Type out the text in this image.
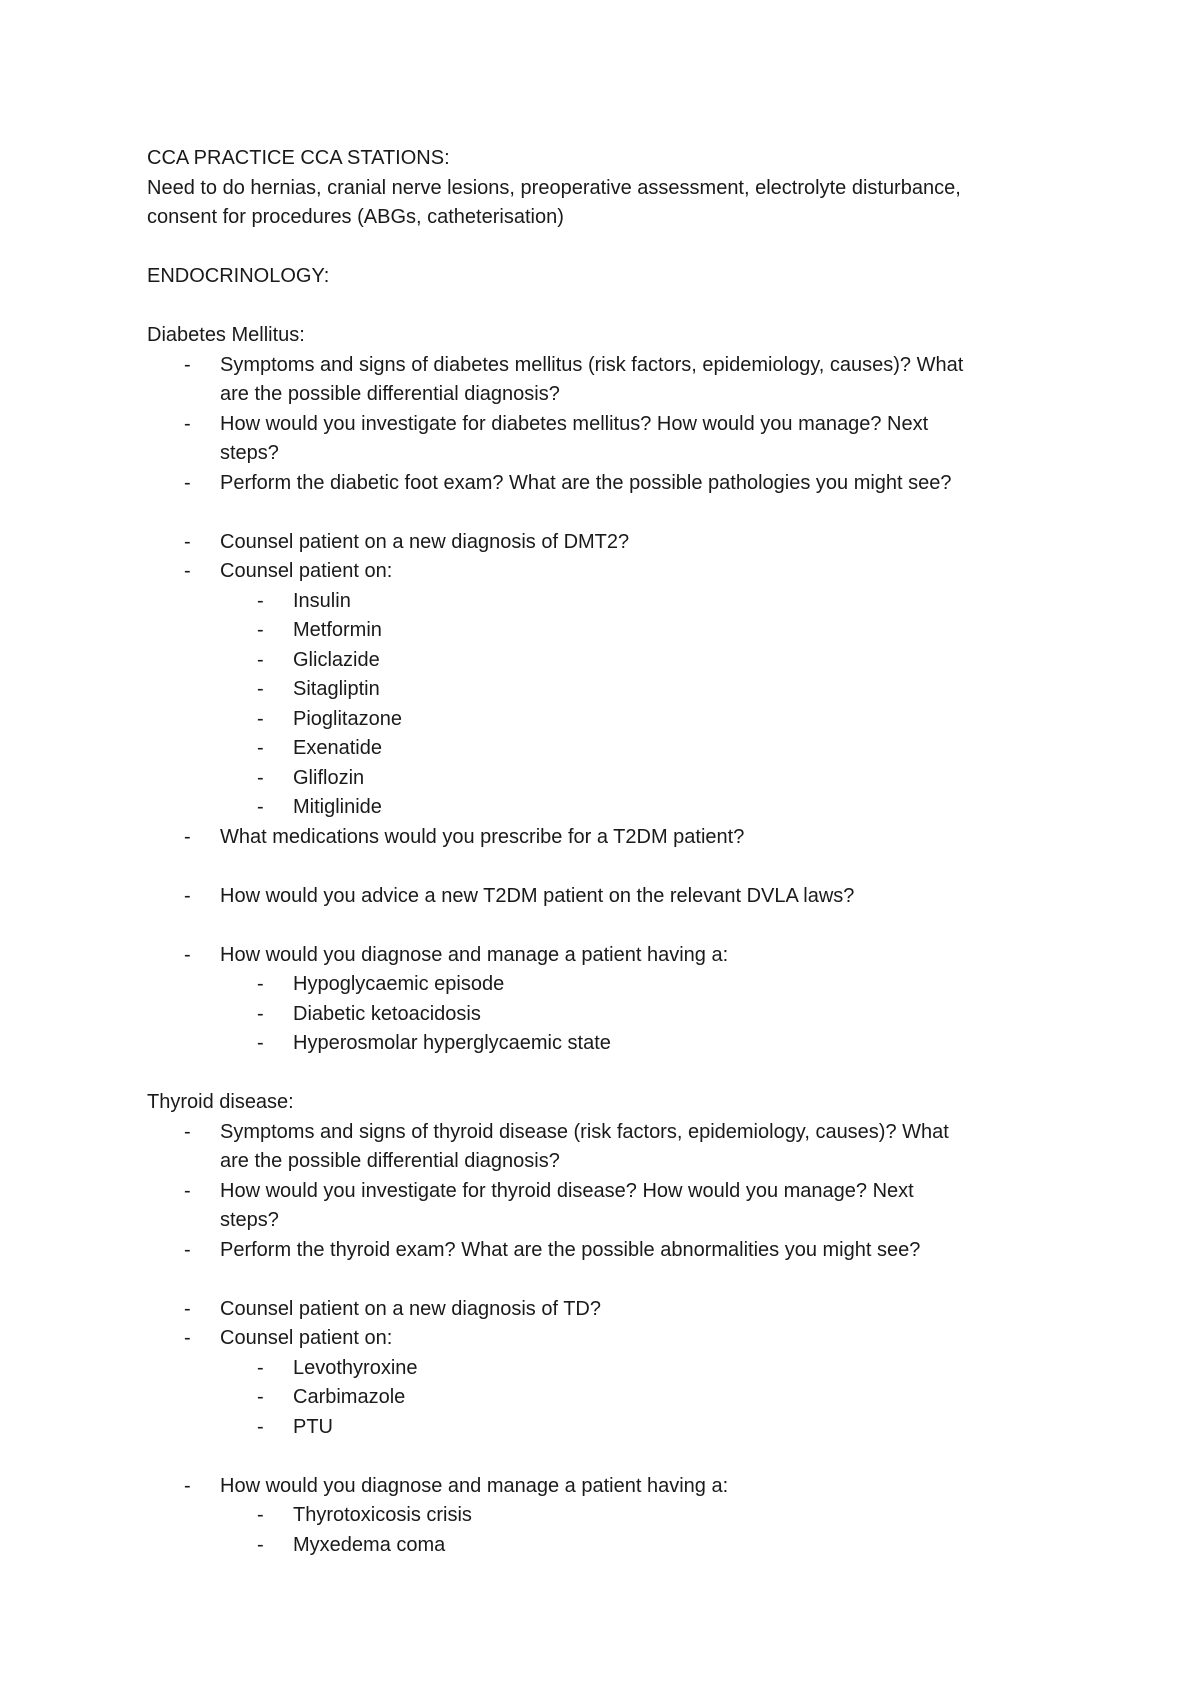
CCA PRACTICE CCA STATIONS:
Need to do hernias, cranial nerve lesions, preoperative assessment, electrolyte disturbance,
consent for procedures (ABGs, catheterisation)
ENDOCRINOLOGY:
Diabetes Mellitus:
- Symptoms and signs of diabetes mellitus (risk factors, epidemiology, causes)? What
are the possible differential diagnosis?
- How would you investigate for diabetes mellitus? How would you manage? Next
steps?
- Perform the diabetic foot exam? What are the possible pathologies you might see?
- Counsel patient on a new diagnosis of DMT2?
- Counsel patient on:
- Insulin
- Metformin
- Gliclazide
- Sitagliptin
- Pioglitazone
- Exenatide
- Gliflozin
- Mitiglinide
- What medications would you prescribe for a T2DM patient?
- How would you advice a new T2DM patient on the relevant DVLA laws?
- How would you diagnose and manage a patient having a:
- Hypoglycaemic episode
- Diabetic ketoacidosis
- Hyperosmolar hyperglycaemic state
Thyroid disease:
- Symptoms and signs of thyroid disease (risk factors, epidemiology, causes)? What
are the possible differential diagnosis?
- How would you investigate for thyroid disease? How would you manage? Next
steps?
- Perform the thyroid exam? What are the possible abnormalities you might see?
- Counsel patient on a new diagnosis of TD?
- Counsel patient on:
- Levothyroxine
- Carbimazole
- PTU
- How would you diagnose and manage a patient having a:
- Thyrotoxicosis crisis
- Myxedema coma
